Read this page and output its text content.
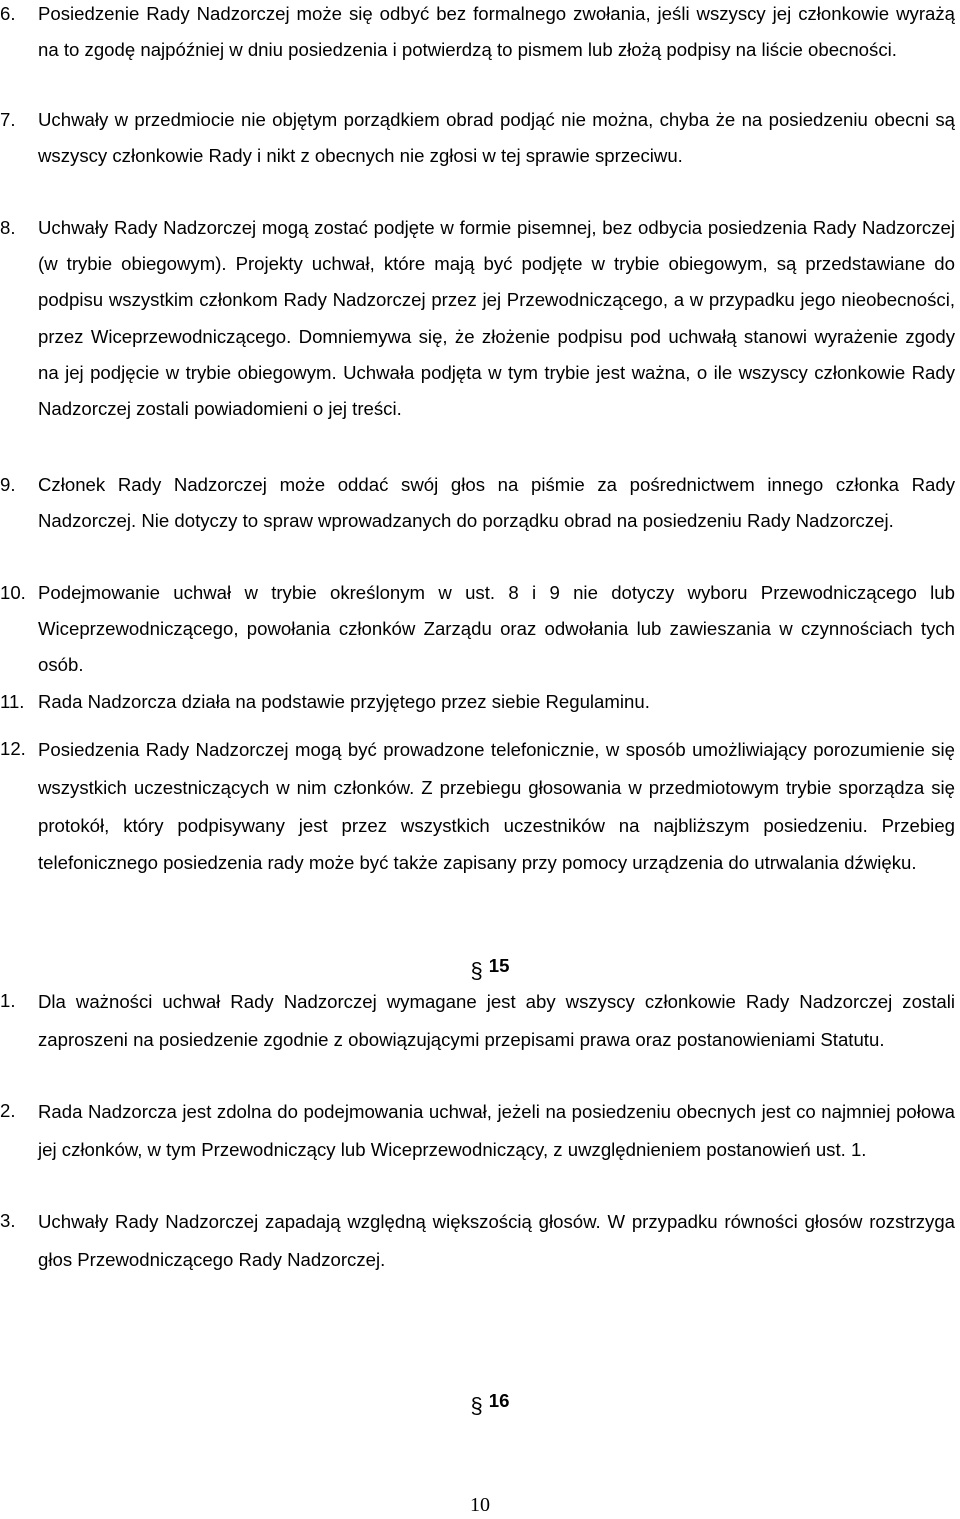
6. Posiedzenie Rady Nadzorczej może się odbyć bez formalnego zwołania, jeśli wszyscy jej członkowie wyrażą na to zgodę najpóźniej w dniu posiedzenia i potwierdzą to pismem lub złożą podpisy na liście obecności.
7. Uchwały w przedmiocie nie objętym porządkiem obrad podjąć nie można, chyba że na posiedzeniu obecni są wszyscy członkowie Rady i nikt z obecnych nie zgłosi w tej sprawie sprzeciwu.
8. Uchwały Rady Nadzorczej mogą zostać podjęte w formie pisemnej, bez odbycia posiedzenia Rady Nadzorczej (w trybie obiegowym). Projekty uchwał, które mają być podjęte w trybie obiegowym, są przedstawiane do podpisu wszystkim członkom Rady Nadzorczej przez jej Przewodniczącego, a w przypadku jego nieobecności, przez Wiceprzewodniczącego. Domniemywa się, że złożenie podpisu pod uchwałą stanowi wyrażenie zgody na jej podjęcie w trybie obiegowym. Uchwała podjęta w tym trybie jest ważna, o ile wszyscy członkowie Rady Nadzorczej zostali powiadomieni o jej treści.
9. Członek Rady Nadzorczej może oddać swój głos na piśmie za pośrednictwem innego członka Rady Nadzorczej. Nie dotyczy to spraw wprowadzanych do porządku obrad na posiedzeniu Rady Nadzorczej.
10. Podejmowanie uchwał w trybie określonym w ust. 8 i 9 nie dotyczy wyboru Przewodniczącego lub Wiceprzewodniczącego, powołania członków Zarządu oraz odwołania lub zawieszania w czynnościach tych osób.
11. Rada Nadzorcza działa na podstawie przyjętego przez siebie Regulaminu.
12. Posiedzenia Rady Nadzorczej mogą być prowadzone telefonicznie, w sposób umożliwiający porozumienie się wszystkich uczestniczących w nim członków. Z przebiegu głosowania w przedmiotowym trybie sporządza się protokół, który podpisywany jest przez wszystkich uczestników na najbliższym posiedzeniu. Przebieg telefonicznego posiedzenia rady może być także zapisany przy pomocy urządzenia do utrwalania dźwięku.
§ 15
1. Dla ważności uchwał Rady Nadzorczej wymagane jest aby wszyscy członkowie Rady Nadzorczej zostali zaproszeni na posiedzenie zgodnie z obowiązującymi przepisami prawa oraz postanowieniami Statutu.
2. Rada Nadzorcza jest zdolna do podejmowania uchwał, jeżeli na posiedzeniu obecnych jest co najmniej połowa jej członków, w tym Przewodniczący lub Wiceprzewodniczący, z uwzględnieniem postanowień ust. 1.
3. Uchwały Rady Nadzorczej zapadają względną większością głosów. W przypadku równości głosów rozstrzyga głos Przewodniczącego Rady Nadzorczej.
§ 16
10
